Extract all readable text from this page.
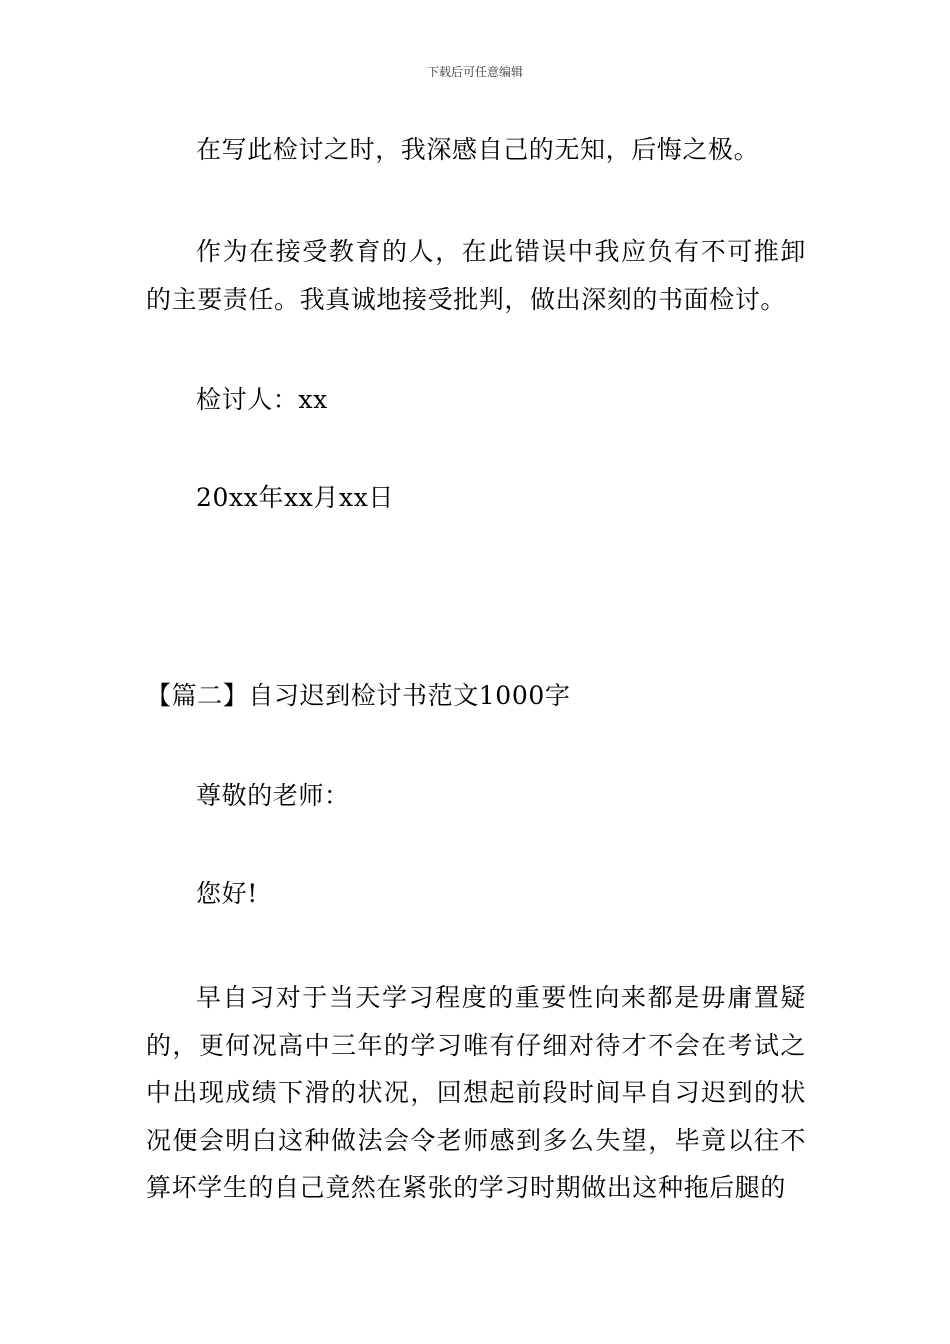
下载后可任意编辑
在写此检讨之时，我深感自己的无知，后悔之极。
作为在接受教育的人，在此错误中我应负有不可推卸的主要责任。我真诚地接受批判，做出深刻的书面检讨。
检讨人：xx
20xx年xx月xx日
【篇二】自习迟到检讨书范文1000字
尊敬的老师：
您好!
早自习对于当天学习程度的重要性向来都是毋庸置疑的，更何况高中三年的学习唯有仔细对待才不会在考试之中出现成绩下滑的状况，回想起前段时间早自习迟到的状况便会明白这种做法会令老师感到多么失望，毕竟以往不算坏学生的自己竟然在紧张的学习时期做出这种拖后腿的
